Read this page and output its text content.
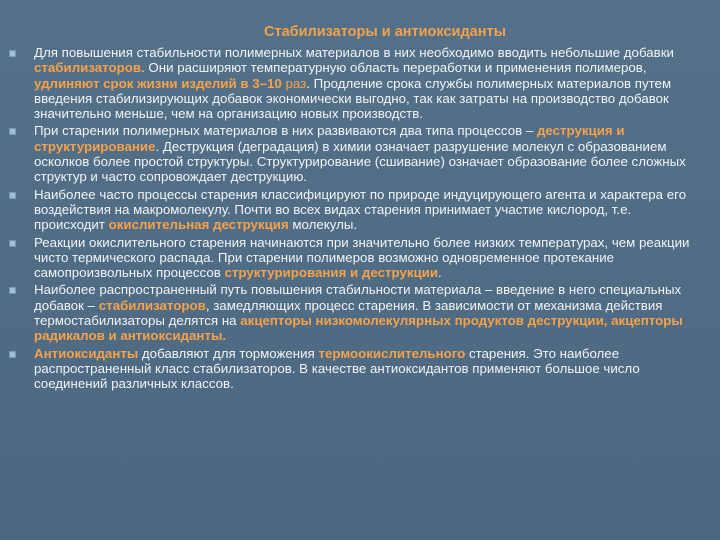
Стабилизаторы и антиоксиданты
Для повышения стабильности полимерных материалов в них необходимо вводить небольшие добавки стабилизаторов. Они расширяют температурную область переработки и применения полимеров, удлиняют срок жизни изделий в 3–10 раз. Продление срока службы полимерных материалов путем введения стабилизирующих добавок экономически выгодно, так как затраты на производство добавок значительно меньше, чем на организацию новых производств.
При старении полимерных материалов в них развиваются два типа процессов – деструкция и структурирование. Деструкция (деградация) в химии означает разрушение молекул с образованием осколков более простой структуры. Структурирование (сшивание) означает образование более сложных структур и часто сопровождает деструкцию.
Наиболее часто процессы старения классифицируют по природе индуцирующего агента и характера его воздействия на макромолекулу. Почти во всех видах старения принимает участие кислород, т.е. происходит окислительная деструкция молекулы.
Реакции окислительного старения начинаются при значительно более низких температурах, чем реакции чисто термического распада. При старении полимеров возможно одновременное протекание самопроизвольных процессов структурирования и деструкции.
Наиболее распространенный путь повышения стабильности материала – введение в него специальных добавок – стабилизаторов, замедляющих процесс старения. В зависимости от механизма действия термостабилизаторы делятся на акцепторы низкомолекулярных продуктов деструкции, акцепторы радикалов и антиоксиданты.
Антиоксиданты добавляют для торможения термоокислительного старения. Это наиболее распространенный класс стабилизаторов. В качестве антиоксидантов применяют большое число соединений различных классов.
